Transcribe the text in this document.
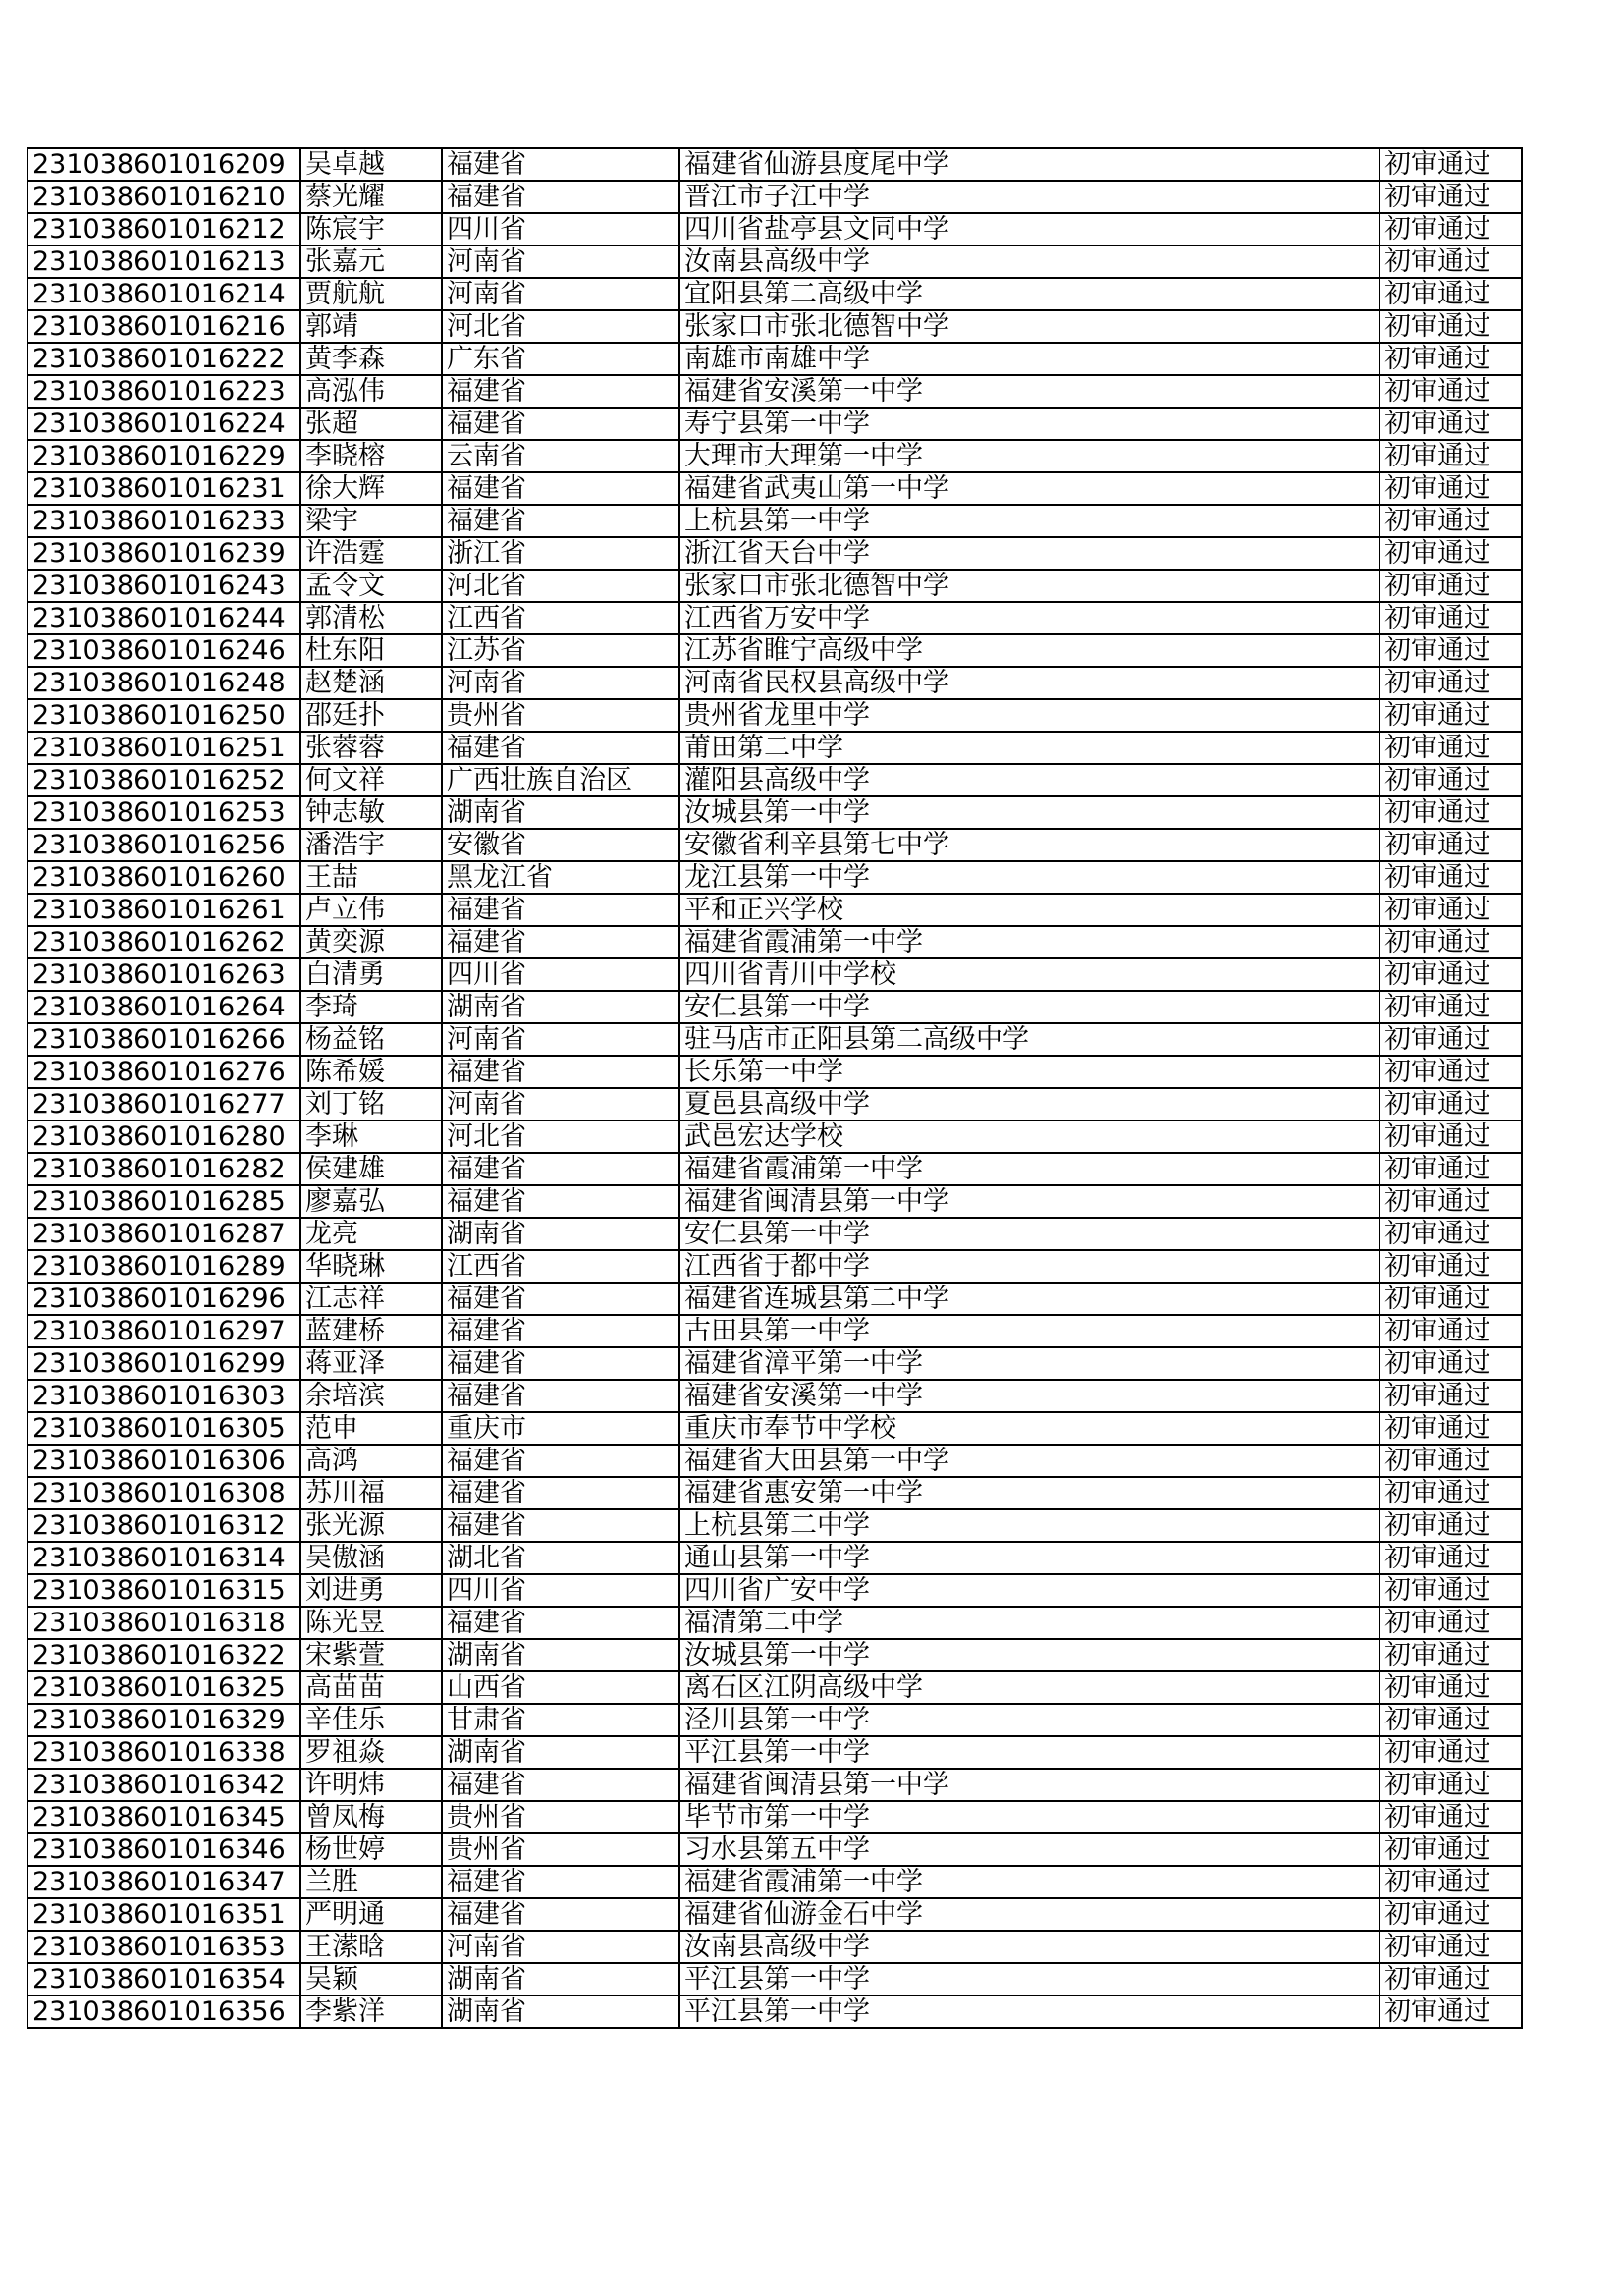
231038601016209	吴卓越	福建省	福建省仙游县度尾中学	初审通过
231038601016210	蔡光耀	福建省	晋江市子江中学	初审通过
231038601016212	陈宸宇	四川省	四川省盐亭县文同中学	初审通过
231038601016213	张嘉元	河南省	汝南县高级中学	初审通过
231038601016214	贾航航	河南省	宜阳县第二高级中学	初审通过
231038601016216	郭靖	河北省	张家口市张北德智中学	初审通过
231038601016222	黄李森	广东省	南雄市南雄中学	初审通过
231038601016223	高泓伟	福建省	福建省安溪第一中学	初审通过
231038601016224	张超	福建省	寿宁县第一中学	初审通过
231038601016229	李晓榕	云南省	大理市大理第一中学	初审通过
231038601016231	徐大辉	福建省	福建省武夷山第一中学	初审通过
231038601016233	梁宇	福建省	上杭县第一中学	初审通过
231038601016239	许浩霆	浙江省	浙江省天台中学	初审通过
231038601016243	孟令文	河北省	张家口市张北德智中学	初审通过
231038601016244	郭清松	江西省	江西省万安中学	初审通过
231038601016246	杜东阳	江苏省	江苏省睢宁高级中学	初审通过
231038601016248	赵楚涵	河南省	河南省民权县高级中学	初审通过
231038601016250	邵廷扑	贵州省	贵州省龙里中学	初审通过
231038601016251	张蓉蓉	福建省	莆田第二中学	初审通过
231038601016252	何文祥	广西壮族自治区	灌阳县高级中学	初审通过
231038601016253	钟志敏	湖南省	汝城县第一中学	初审通过
231038601016256	潘浩宇	安徽省	安徽省利辛县第七中学	初审通过
231038601016260	王喆	黑龙江省	龙江县第一中学	初审通过
231038601016261	卢立伟	福建省	平和正兴学校	初审通过
231038601016262	黄奕源	福建省	福建省霞浦第一中学	初审通过
231038601016263	白清勇	四川省	四川省青川中学校	初审通过
231038601016264	李琦	湖南省	安仁县第一中学	初审通过
231038601016266	杨益铭	河南省	驻马店市正阳县第二高级中学	初审通过
231038601016276	陈希媛	福建省	长乐第一中学	初审通过
231038601016277	刘丁铭	河南省	夏邑县高级中学	初审通过
231038601016280	李琳	河北省	武邑宏达学校	初审通过
231038601016282	侯建雄	福建省	福建省霞浦第一中学	初审通过
231038601016285	廖嘉弘	福建省	福建省闽清县第一中学	初审通过
231038601016287	龙亮	湖南省	安仁县第一中学	初审通过
231038601016289	华晓琳	江西省	江西省于都中学	初审通过
231038601016296	江志祥	福建省	福建省连城县第二中学	初审通过
231038601016297	蓝建桥	福建省	古田县第一中学	初审通过
231038601016299	蒋亚泽	福建省	福建省漳平第一中学	初审通过
231038601016303	余培滨	福建省	福建省安溪第一中学	初审通过
231038601016305	范申	重庆市	重庆市奉节中学校	初审通过
231038601016306	高鸿	福建省	福建省大田县第一中学	初审通过
231038601016308	苏川福	福建省	福建省惠安第一中学	初审通过
231038601016312	张光源	福建省	上杭县第二中学	初审通过
231038601016314	吴傲涵	湖北省	通山县第一中学	初审通过
231038601016315	刘进勇	四川省	四川省广安中学	初审通过
231038601016318	陈光昱	福建省	福清第二中学	初审通过
231038601016322	宋紫萱	湖南省	汝城县第一中学	初审通过
231038601016325	高苗苗	山西省	离石区江阴高级中学	初审通过
231038601016329	辛佳乐	甘肃省	泾川县第一中学	初审通过
231038601016338	罗祖焱	湖南省	平江县第一中学	初审通过
231038601016342	许明炜	福建省	福建省闽清县第一中学	初审通过
231038601016345	曾凤梅	贵州省	毕节市第一中学	初审通过
231038601016346	杨世婷	贵州省	习水县第五中学	初审通过
231038601016347	兰胜	福建省	福建省霞浦第一中学	初审通过
231038601016351	严明通	福建省	福建省仙游金石中学	初审通过
231038601016353	王潆晗	河南省	汝南县高级中学	初审通过
231038601016354	吴颖	湖南省	平江县第一中学	初审通过
231038601016356	李紫洋	湖南省	平江县第一中学	初审通过
